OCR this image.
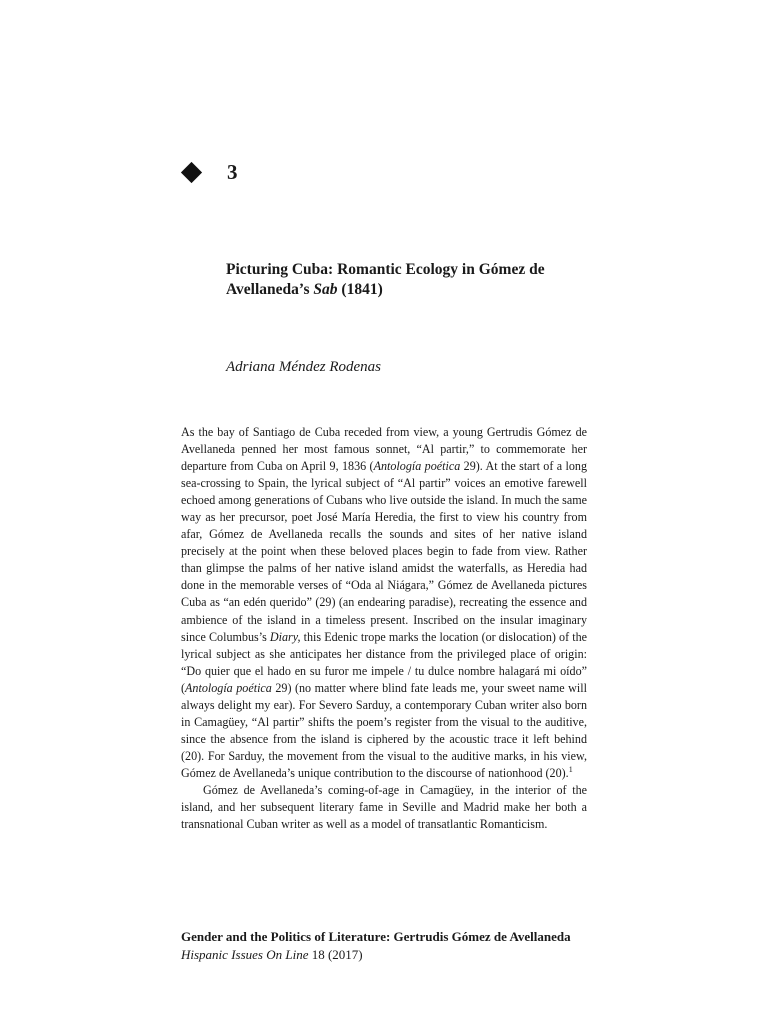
3
Picturing Cuba: Romantic Ecology in Gómez de Avellaneda’s Sab (1841)
Adriana Méndez Rodenas

As the bay of Santiago de Cuba receded from view, a young Gertrudis Gómez de Avellaneda penned her most famous sonnet, “Al partir,” to commemorate her departure from Cuba on April 9, 1836 (Antología poética 29). At the start of a long sea-crossing to Spain, the lyrical subject of “Al partir” voices an emotive farewell echoed among generations of Cubans who live outside the island. In much the same way as her precursor, poet José María Heredia, the first to view his country from afar, Gómez de Avellaneda recalls the sounds and sites of her native island precisely at the point when these beloved places begin to fade from view. Rather than glimpse the palms of her native island amidst the waterfalls, as Heredia had done in the memorable verses of “Oda al Niágara,” Gómez de Avellaneda pictures Cuba as “an edén querido” (29) (an endearing paradise), recreating the essence and ambience of the island in a timeless present. Inscribed on the insular imaginary since Columbus’s Diary, this Edenic trope marks the location (or dislocation) of the lyrical subject as she anticipates her distance from the privileged place of origin: “Do quier que el hado en su furor me impele / tu dulce nombre halagará mi oído” (Antología poética 29) (no matter where blind fate leads me, your sweet name will always delight my ear). For Severo Sarduy, a contemporary Cuban writer also born in Camagüey, “Al partir” shifts the poem’s register from the visual to the auditive, since the absence from the island is ciphered by the acoustic trace it left behind (20). For Sarduy, the movement from the visual to the auditive marks, in his view, Gómez de Avellaneda’s unique contribution to the discourse of nationhood (20).$^1$

Gómez de Avellaneda’s coming-of-age in Camagüey, in the interior of the island, and her subsequent literary fame in Seville and Madrid make her both a transnational Cuban writer as well as a model of transatlantic Romanticism.

Gender and the Politics of Literature: Gertrudis Gómez de Avellaneda
Hispanic Issues On Line 18 (2017)
